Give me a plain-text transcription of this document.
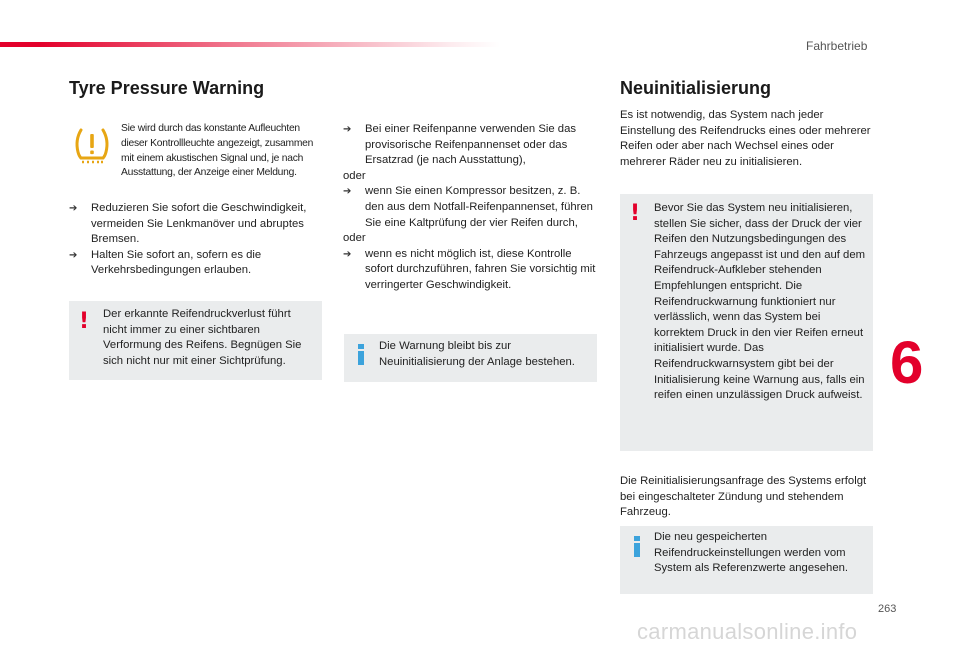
Fahrbetrieb
Tyre Pressure Warning
Sie wird durch das konstante Aufleuchten dieser Kontrollleuchte angezeigt, zusammen mit einem akustischen Signal und, je nach Ausstattung, der Anzeige einer Meldung.
➔	Reduzieren Sie sofort die Geschwindigkeit, vermeiden Sie Lenkmanöver und abruptes Bremsen.
➔	Halten Sie sofort an, sofern es die Verkehrsbedingungen erlauben.
! Der erkannte Reifendruckverlust führt nicht immer zu einer sichtbaren Verformung des Reifens. Begnügen Sie sich nicht nur mit einer Sichtprüfung.
➔	Bei einer Reifenpanne verwenden Sie das provisorische Reifenpannenset oder das Ersatzrad (je nach Ausstattung),
oder
➔	wenn Sie einen Kompressor besitzen, z. B. den aus dem Notfall-Reifenpannenset, führen Sie eine Kaltprüfung der vier Reifen durch,
oder
➔	wenn es nicht möglich ist, diese Kontrolle sofort durchzuführen, fahren Sie vorsichtig mit verringerter Geschwindigkeit.
Die Warnung bleibt bis zur Neuinitialisierung der Anlage bestehen.
Neuinitialisierung
Es ist notwendig, das System nach jeder Einstellung des Reifendrucks eines oder mehrerer Reifen oder aber nach Wechsel eines oder mehrerer Räder neu zu initialisieren.
! Bevor Sie das System neu initialisieren, stellen Sie sicher, dass der Druck der vier Reifen den Nutzungsbedingungen des Fahrzeugs angepasst ist und den auf dem Reifendruck-Aufkleber stehenden Empfehlungen entspricht. Die Reifendruckwarnung funktioniert nur verlässlich, wenn das System bei korrektem Druck in den vier Reifen erneut initialisiert wurde. Das Reifendruckwarnsystem gibt bei der Initialisierung keine Warnung aus, falls ein reifen einen unzulässigen Druck aufweist.
Die Reinitialisierungsanfrage des Systems erfolgt bei eingeschalteter Zündung und stehendem Fahrzeug.
Die neu gespeicherten Reifendruckeinstellungen werden vom System als Referenzwerte angesehen.
6
263
carmanualsonline.info
